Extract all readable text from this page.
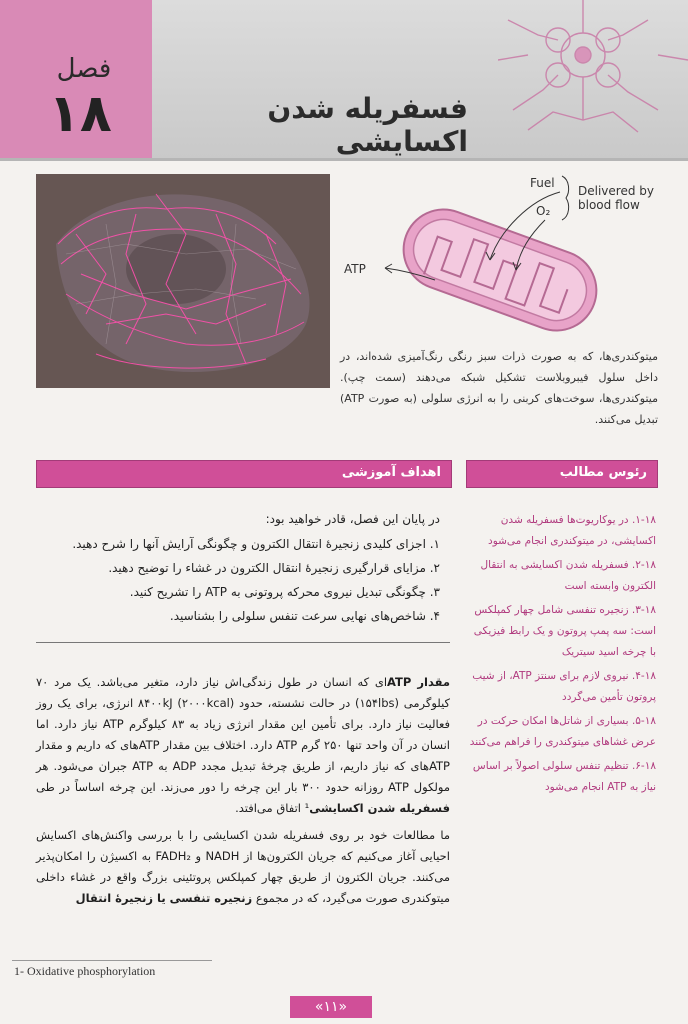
فصل
۱۸	فسفریله شدن اکسایشی
Fuel
O₂
Delivered by
blood flow
ATP
میتوکندری‌ها، که به صورت ذرات سبز رنگی رنگ‌آمیزی شده‌اند، در داخل سلول فیبروبلاست تشکیل شبکه می‌دهند (سمت چپ). میتوکندری‌ها، سوخت‌های کربنی را به انرژی سلولی (به صورت ATP) تبدیل می‌کنند.
اهداف آموزشی	رئوس مطالب
در پایان این فصل، قادر خواهید بود:
۱. اجزای کلیدی زنجیرهٔ انتقال الکترون و چگونگی آرایش آنها را شرح دهید.
۲. مزایای قرارگیری زنجیرهٔ انتقال الکترون در غشاء را توضیح دهید.
۳. چگونگی تبدیل نیروی محرکه پروتونی به ATP را تشریح کنید.
۴. شاخص‌های نهایی سرعت تنفس سلولی را بشناسید.
۱-۱۸. در یوکاریوت‌ها فسفریله شدن اکسایشی، در میتوکندری انجام می‌شود
۲-۱۸. فسفریله شدن اکسایشی به انتقال الکترون وابسته است
۳-۱۸. زنجیره تنفسی شامل چهار کمپلکس است: سه پمپ پروتون و یک رابط فیزیکی با چرخه اسید سیتریک
۴-۱۸. نیروی لازم برای سنتز ATP، از شیب پروتون تأمین می‌گردد
۵-۱۸. بسیاری از شاتل‌ها امکان حرکت در عرض غشاهای میتوکندری را فراهم می‌کنند
۶-۱۸. تنظیم تنفس سلولی اصولاً بر اساس نیاز به ATP انجام می‌شود

مقدار ATP‌ای که انسان در طول زندگی‌اش نیاز دارد، متغیر می‌باشد. یک مرد ۷۰ کیلوگرمی (۱۵۴lbs) در حالت نشسته، حدود ۸۴۰۰kJ (۲۰۰۰kcal) انرژی، برای یک روز فعالیت نیاز دارد. برای تأمین این مقدار انرژی زیاد به ۸۳ کیلوگرم ATP نیاز دارد. اما انسان در آن واحد تنها ۲۵۰ گرم ATP دارد. اختلاف بین مقدار ATPهای که داریم و مقدار ATPهای که نیاز داریم، از طریق چرخهٔ تبدیل مجدد ADP به ATP جبران می‌شود. هر مولکول ATP روزانه حدود ۳۰۰ بار این چرخه را دور می‌زند. این چرخه اساساً در طی فسفریله شدن اکسایشی¹ اتفاق می‌افتد.

ما مطالعات خود بر روی فسفریله شدن اکسایشی را با بررسی واکنش‌های اکسایش احیایی آغاز می‌کنیم که جریان الکترون‌ها از NADH و FADH₂ به اکسیژن را امکان‌پذیر می‌کنند. جریان الکترون از طریق چهار کمپلکس پروتئینی بزرگ واقع در غشاء داخلی میتوکندری صورت می‌گیرد، که در مجموع زنجیره تنفسی یا زنجیرهٔ انتقال

1- Oxidative phosphorylation
«۱۱»
